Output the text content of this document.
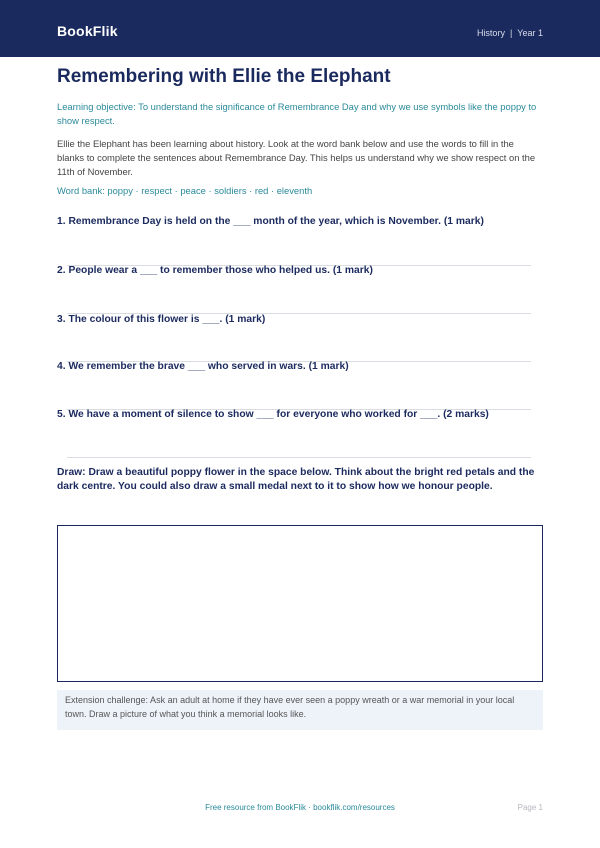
BookFlik	History | Year 1
Remembering with Ellie the Elephant
Learning objective: To understand the significance of Remembrance Day and why we use symbols like the poppy to show respect.
Ellie the Elephant has been learning about history. Look at the word bank below and use the words to fill in the blanks to complete the sentences about Remembrance Day. This helps us understand why we show respect on the 11th of November.
Word bank: poppy · respect · peace · soldiers · red · eleventh
1. Remembrance Day is held on the ___ month of the year, which is November. (1 mark)
2. People wear a ___ to remember those who helped us. (1 mark)
3. The colour of this flower is ___. (1 mark)
4. We remember the brave ___ who served in wars. (1 mark)
5. We have a moment of silence to show ___ for everyone who worked for ___. (2 marks)
Draw: Draw a beautiful poppy flower in the space below. Think about the bright red petals and the dark centre. You could also draw a small medal next to it to show how we honour people.
Extension challenge: Ask an adult at home if they have ever seen a poppy wreath or a war memorial in your local town. Draw a picture of what you think a memorial looks like.
Free resource from BookFlik · bookflik.com/resources	Page 1
